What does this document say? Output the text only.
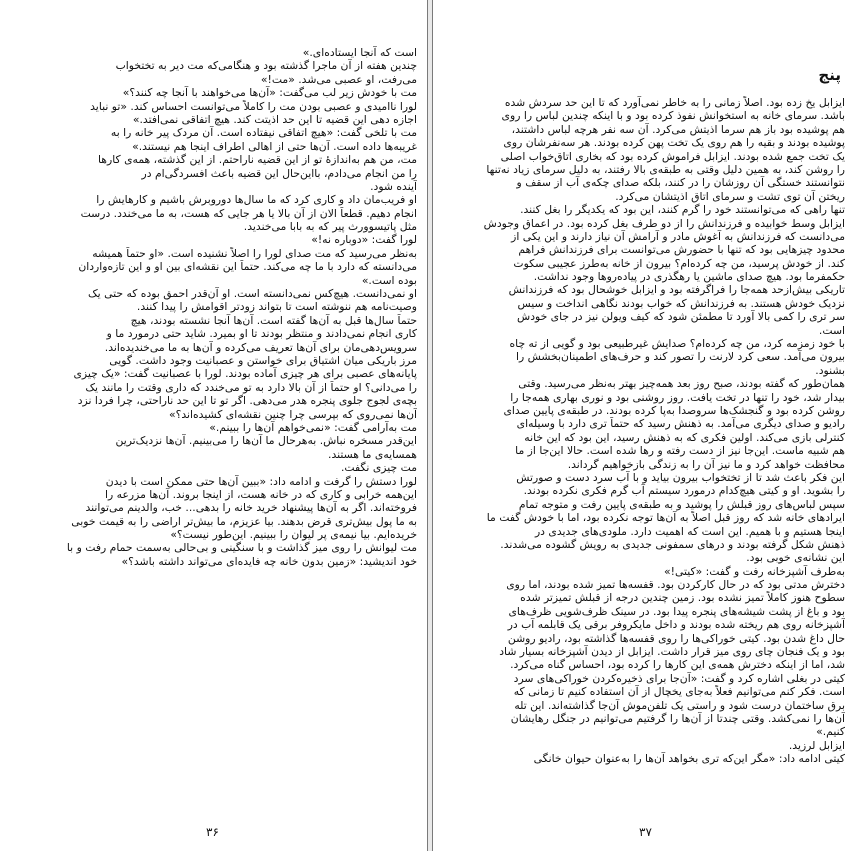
است که آنجا ایستاده‌ای.»
چندین هفته از آن ماجرا گذشته بود و هنگامی‌که مت دیر به تختخواب
می‌رفت، او عصبی می‌شد. «مت!»
مت با خودش زیر لب می‌گفت: «آن‌ها می‌خواهند با آنجا چه کنند؟»
لورا ناامیدی و عصبی بودن مت را کاملاً می‌توانست احساس کند. «تو نباید
اجازه دهی این قضیه تا این حد اذیتت کند. هیچ اتفاقی نمی‌افتد.»
مت با تلخی گفت: «هیچ اتفاقی نیفتاده است. آن مردک پیر خانه را به
غریبه‌ها داده است. آن‌ها حتی از اهالی اطراف اینجا هم نیستند.»
مت، من هم به‌اندازهٔ تو از این قضیه ناراحتم. از این گذشته، همه‌ی کارها
را من انجام می‌دادم، بااین‌حال این قضیه باعث افسردگی‌ام در
آینده شود.
او فریب‌مان داد و کاری کرد که ما سال‌ها دوروبرش باشیم و کارهایش را
انجام دهیم. قطعاً الان از آن بالا یا هر جایی که هست، به ما می‌خندد. درست
مثل پاتیسوورث پیر که به بابا می‌خندید.
لورا گفت: «دوباره نه!»
به‌نظر می‌رسید که مت صدای لورا را اصلاً نشنیده است. «او حتماً همیشه
می‌دانسته که دارد با ما چه می‌کند. حتماً این نقشه‌ای بین او و این تازه‌واردان
بوده است.»
او نمی‌دانست. هیچ‌کس نمی‌دانسته است. او آن‌قدر احمق بوده که حتی یک
وصیت‌نامه هم ننوشته است تا بتواند زودتر اقوامش را پیدا کنند.
حتماً سال‌ها قبل به آن‌ها گفته است. آن‌ها آنجا نشسته بودند، هیچ
کاری انجام نمی‌دادند و منتظر بودند تا او بمیرد. شاید حتی درمورد ما و
سرویس‌دهی‌مان برای آن‌ها تعریف می‌کرده و آن‌ها به ما می‌خندیده‌اند.
مرز باریکی میان اشتیاق برای خواستن و عصبانیت وجود داشت. گویی
پایانه‌های عصبی برای هر چیزی آماده بودند. لورا با عصبانیت گفت: «یک چیزی
را می‌دانی؟ او حتماً از آن بالا دارد به تو می‌خندد که داری وقتت را مانند یک
بچه‌ی لجوج جلوی پنجره هدر می‌دهی. اگر تو تا این حد ناراحتی، چرا فردا نزد
آن‌ها نمی‌روی که بپرسی چرا چنین نقشه‌ای کشیده‌اند؟»
مت به‌آرامی گفت: «نمی‌خواهم آن‌ها را ببینم.»
این‌قدر مسخره نباش. به‌هرحال ما آن‌ها را می‌بینیم. آن‌ها نزدیک‌ترین
همسایه‌ی ما هستند.
مت چیزی نگفت.
لورا دستش را گرفت و ادامه داد: «ببین آن‌ها حتی ممکن است با دیدن
این‌همه خرابی و کاری که در خانه هست، از اینجا بروند. آن‌ها مزرعه را
فروخته‌اند. اگر به آن‌ها پیشنهاد خرید خانه را بدهی... خب، والدینم می‌توانند
به ما پول بیش‌تری قرض بدهند. بیا عزیزم، ما بیش‌تر اراضی را به قیمت خوبی
خریده‌ایم. بیا نیمه‌ی پر لیوان را ببینیم. این‌طور نیست؟»
مت لیوانش را روی میز گذاشت و با سنگینی و بی‌حالی به‌سمت حمام رفت و با
خود اندیشید: «زمین بدون خانه چه فایده‌ای می‌تواند داشته باشد؟»
۳۶
پنج
ایزابل یخ زده بود. اصلاً زمانی را به خاطر نمی‌آورد که تا این حد سردش شده
باشد. سرمای خانه به استخوانش نفوذ کرده بود و با اینکه چندین لباس را روی
هم پوشیده بود باز هم سرما اذیتش می‌کرد. آن سه نفر هرچه لباس داشتند،
پوشیده بودند و بقیه را هم روی یک تخت پهن کرده بودند. هر سه‌نفرشان روی
یک تخت جمع شده بودند. ایزابل فراموش کرده بود که بخاری اتاق‌خواب اصلی
را روشن کند، به همین دلیل وقتی به طبقه‌ی بالا رفتند، به دلیل سرمای زیاد نه‌تنها
نتوانستند خستگی آن روزشان را در کنند، بلکه صدای چکه‌ی آب از سقف و
ریختن آن توی تشت و سرمای اتاق اذیتشان می‌کرد.
تنها راهی که می‌توانستند خود را گرم کنند، این بود که یکدیگر را بغل کنند.
ایزابل وسط خوابیده و فرزندانش را از دو طرف بغل کرده بود. در اعماق وجودش
می‌دانست که فرزندانش به آغوش مادر و آرامش آن نیاز دارند و این یکی از
محدود چیزهایی بود که تنها با حضورش می‌توانست برای فرزندانش فراهم
کند. از خودش پرسید، من چه کرده‌ام؟ بیرون از خانه به‌طرز عجیبی سکوت
حکمفرما بود. هیچ صدای ماشین یا رهگذری در پیاده‌روها وجود نداشت.
تاریکی بیش‌ازحد همه‌جا را فراگرفته بود و ایزابل خوشحال بود که فرزندانش
نزدیک خودش هستند. به فرزندانش که خواب بودند نگاهی انداخت و سیس
سر تری را کمی بالا آورد تا مطمئن شود که کیف ویولن نیز در جای خودش
است.
با خود زمزمه کرد، من چه کرده‌ام؟ صدایش غیرطبیعی بود و گویی از ته چاه
بیرون می‌آمد. سعی کرد لارنت را تصور کند و حرف‌های اطمینان‌بخشش را
بشنود.
همان‌طور که گفته بودند، صبح روز بعد همه‌چیز بهتر به‌نظر می‌رسید. وقتی
بیدار شد، خود را تنها در تخت یافت. روز روشنی بود و نوری بهاری همه‌جا را
روشن کرده بود و گنجشک‌ها سروصدا به‌پا کرده بودند. در طبقه‌ی پایین صدای
رادیو و صدای دیگری می‌آمد. به ذهنش رسید که حتماً تری دارد با وسیله‌ای
کنترلی بازی می‌کند. اولین فکری که به ذهنش رسید، این بود که این خانه
هم شبیه ماست. این‌جا نیز از دست رفته و رها شده است. حالا این‌جا از ما
محافظت خواهد کرد و ما نیز آن را به زندگی بازخواهیم گرداند.
این فکر باعث شد تا از تختخواب بیرون بیاید و با آب سرد دست و صورتش
را بشوید. او و کیتی هیچ‌کدام درمورد سیستم آب گرم فکری نکرده بودند.
سپس لباس‌های روز قبلش را پوشید و به طبقه‌ی پایین رفت و متوجه تمام
ایرادهای خانه شد که روز قبل اصلاً به آن‌ها توجه نکرده بود، اما با خودش گفت ما
اینجا هستیم و با همیم. این است که اهمیت دارد. ملودی‌های جدیدی در
ذهنش شکل گرفته بودند و درهای سمفونی جدیدی به رویش گشوده می‌شدند.
این نشانه‌ی خوبی بود.
به‌طرف آشپزخانه رفت و گفت: «کیتی!»
دخترش مدتی بود که در حال کارکردن بود. قفسه‌ها تمیز شده بودند، اما روی
سطوح هنوز کاملاً تمیز نشده بود. زمین چندین درجه از قبلش تمیزتر شده
بود و باغ از پشت شیشه‌های پنجره پیدا بود. در سینک ظرف‌شویی ظرف‌های
آشپزخانه روی هم ریخته شده بودند و داخل مایکروفر برقی یک قابلمه آب در
حال داغ شدن بود. کیتی خوراکی‌ها را روی قفسه‌ها گذاشته بود، رادیو روشن
بود و یک فنجان چای روی میز قرار داشت. ایزابل از دیدن آشپزخانه بسیار شاد
شد، اما از اینکه دخترش همه‌ی این کارها را کرده بود، احساس گناه می‌کرد.
کیتی در بغلی اشاره کرد و گفت: «آن‌جا برای ذخیره‌کردن خوراکی‌های سرد
است. فکر کنم می‌توانیم فعلاً به‌جای یخچال از آن استفاده کنیم تا زمانی که
برق ساختمان درست شود و راستی یک تلفن‌موش آن‌جا گذاشته‌اند. این تله
آن‌ها را نمی‌کشد. وقتی چندتا از آن‌ها را گرفتیم می‌توانیم در جنگل رهایشان
کنیم.»
ایزابل لرزید.
کیتی ادامه داد: «مگر این‌که تری بخواهد آن‌ها را به‌عنوان حیوان خانگی
۳۷
